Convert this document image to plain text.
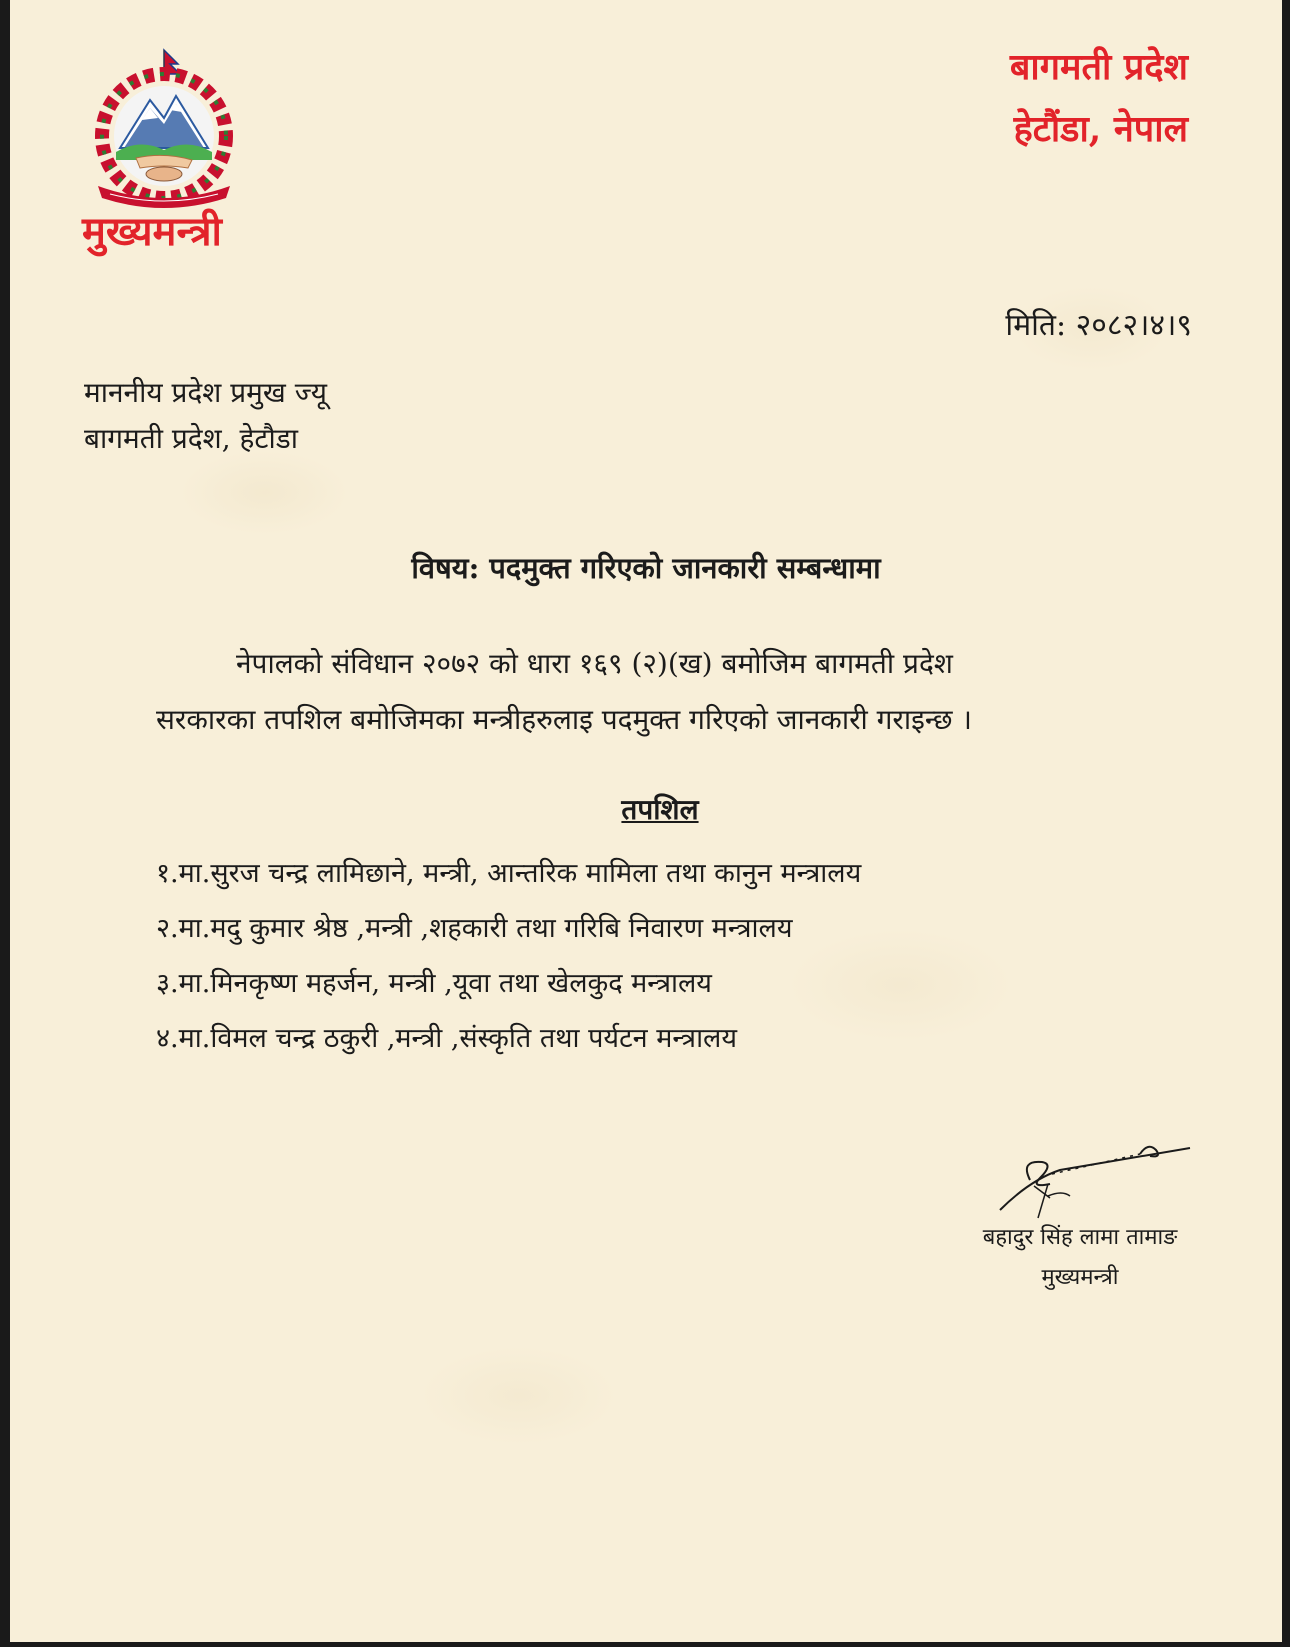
मुख्यमन्त्री
बागमती प्रदेश
हेटौंडा, नेपाल
मिति: २०८२।४।९
माननीय प्रदेश प्रमुख ज्यू
बागमती प्रदेश, हेटौडा
विषय: पदमुक्त गरिएको जानकारी सम्बन्धामा
नेपालको संविधान २०७२ को धारा १६९ (२)(ख) बमोजिम बागमती प्रदेश
सरकारका तपशिल बमोजिमका मन्त्रीहरुलाइ पदमुक्त गरिएको जानकारी गराइन्छ ।
तपशिल
१.मा.सुरज चन्द्र लामिछाने, मन्त्री, आन्तरिक मामिला तथा कानुन मन्त्रालय
२.मा.मदु कुमार श्रेष्ठ ,मन्त्री ,शहकारी तथा गरिबि निवारण मन्त्रालय
३.मा.मिनकृष्ण महर्जन, मन्त्री ,यूवा तथा खेलकुद मन्त्रालय
४.मा.विमल चन्द्र ठकुरी ,मन्त्री ,संस्कृति तथा पर्यटन मन्त्रालय
बहादुर सिंह लामा तामाङ
मुख्यमन्त्री
